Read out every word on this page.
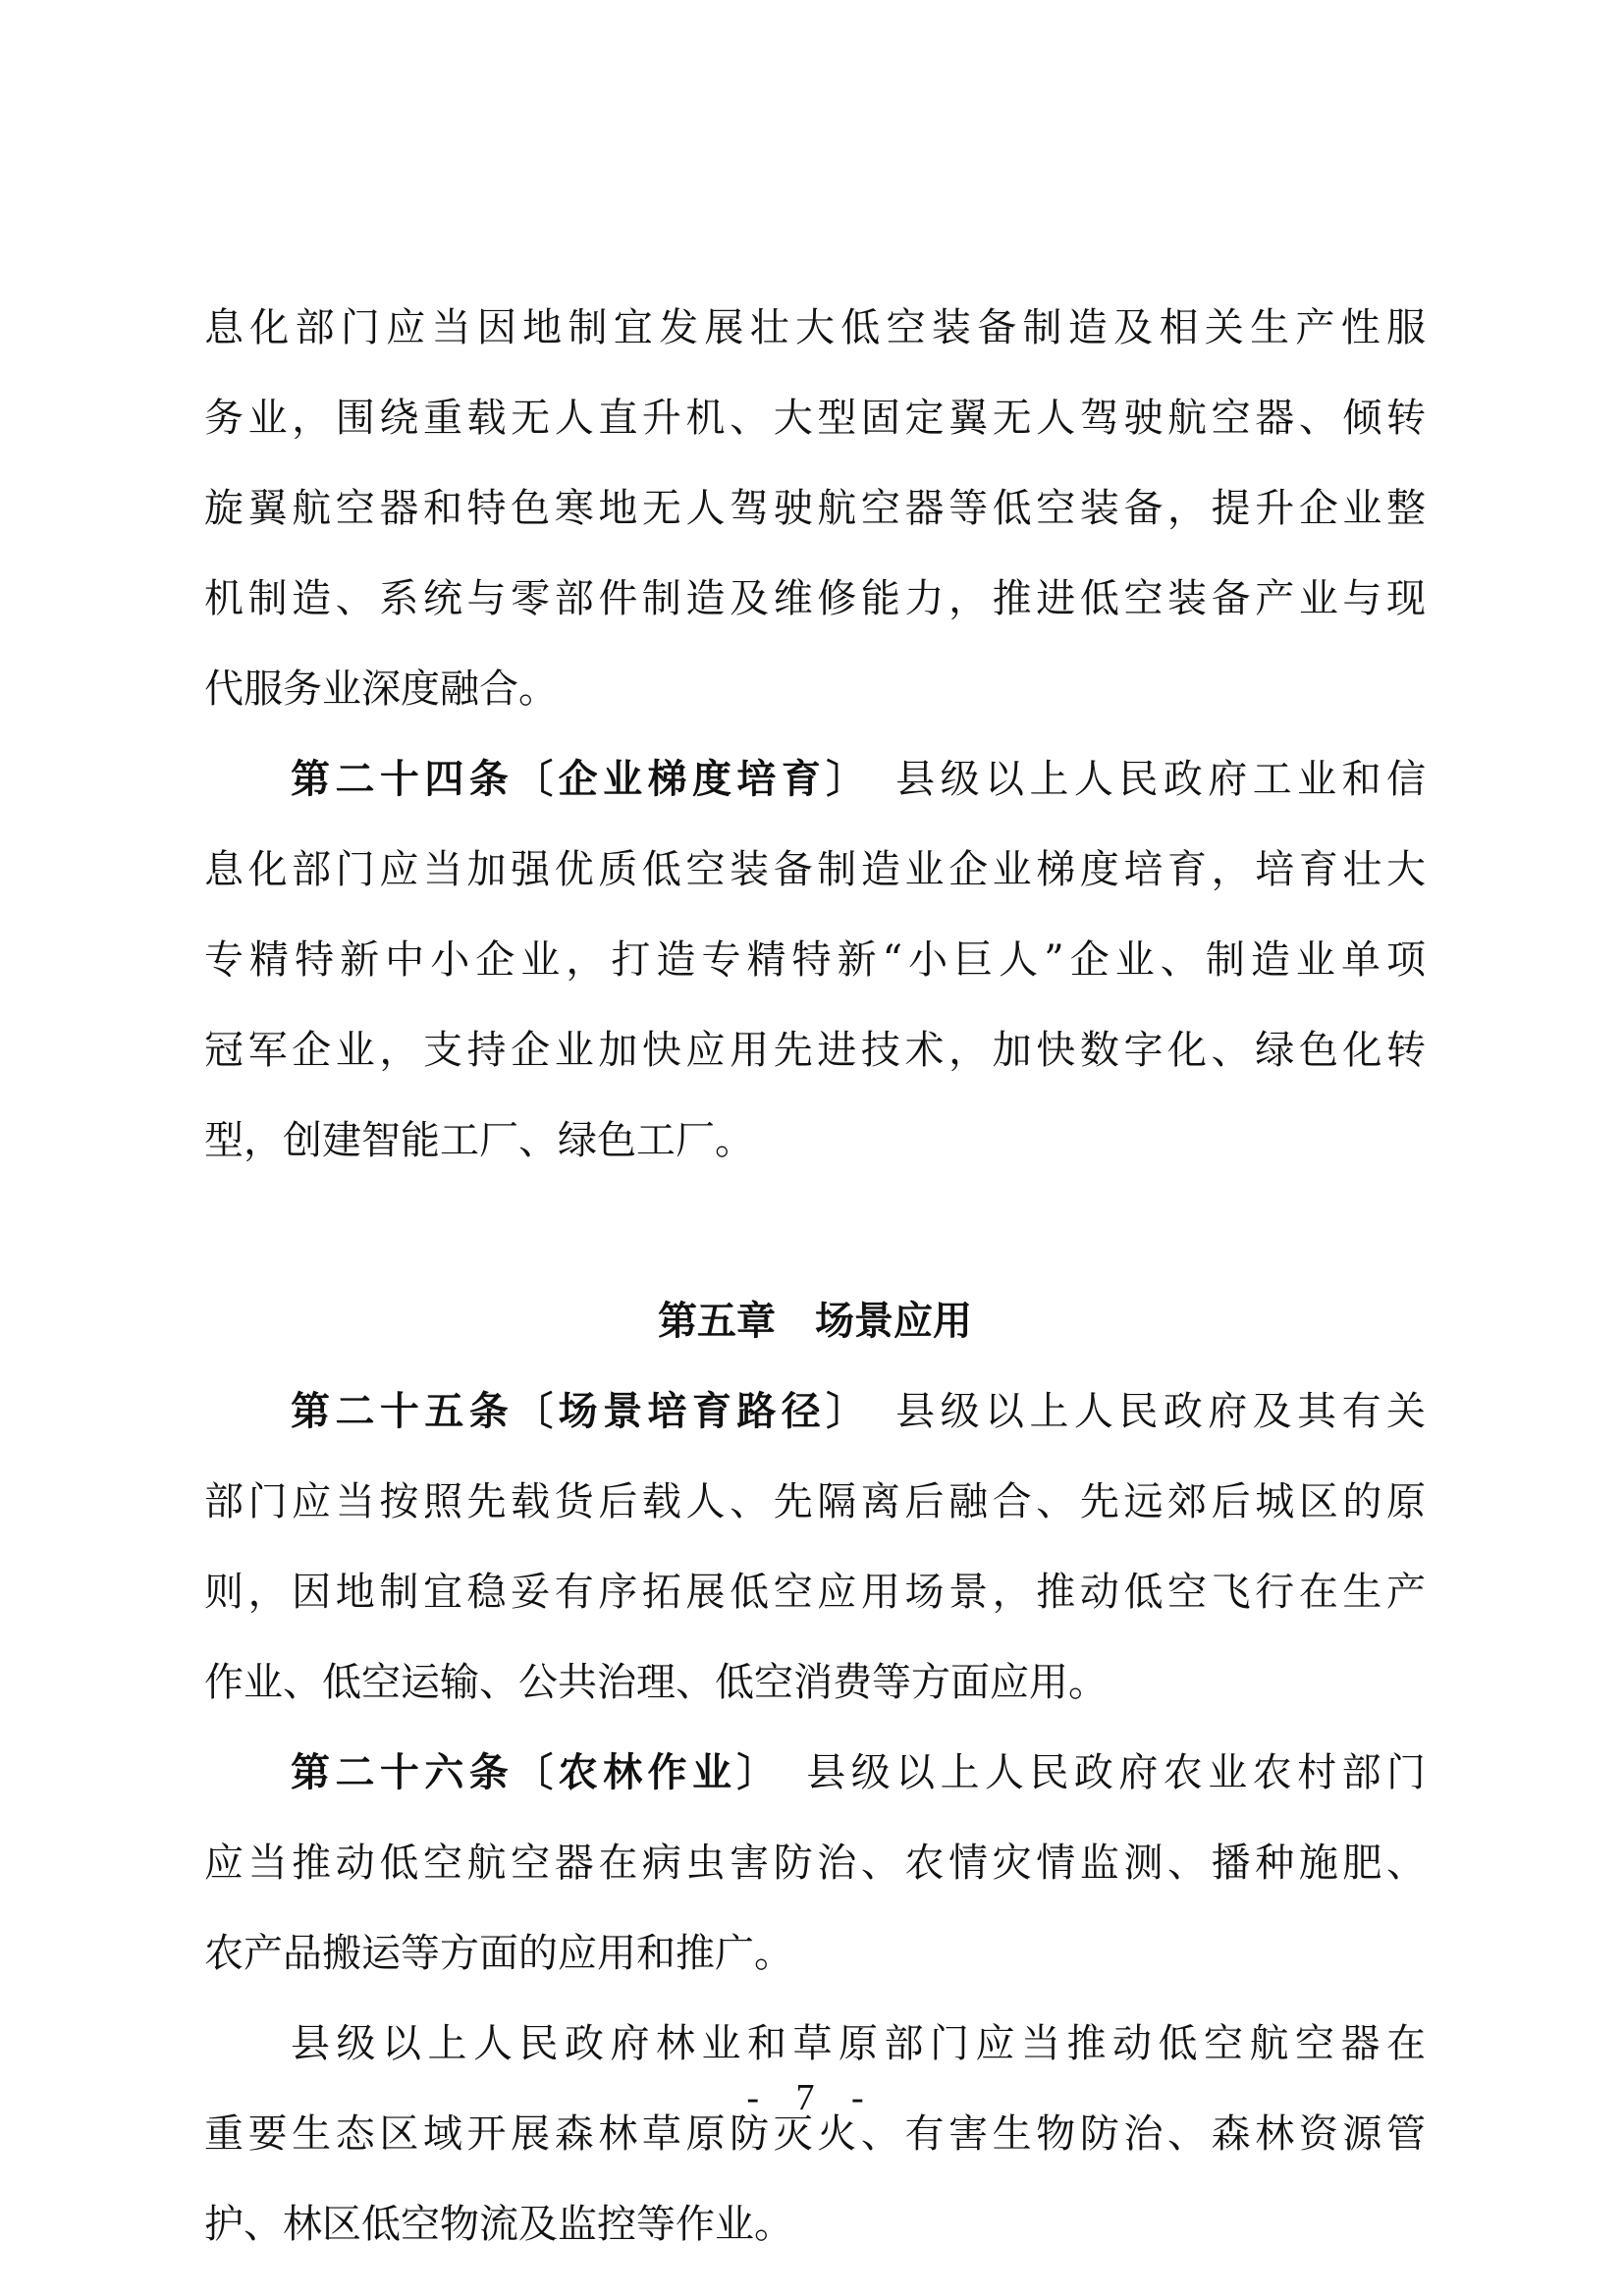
息化部门应当因地制宜发展壮大低空装备制造及相关生产性服
务业，围绕重载无人直升机、大型固定翼无人驾驶航空器、倾转
旋翼航空器和特色寒地无人驾驶航空器等低空装备，提升企业整
机制造、系统与零部件制造及维修能力，推进低空装备产业与现
代服务业深度融合。
第二十四条〔企业梯度培育〕　县级以上人民政府工业和信
息化部门应当加强优质低空装备制造业企业梯度培育，培育壮大
专精特新中小企业，打造专精特新“小巨人”企业、制造业单项
冠军企业，支持企业加快应用先进技术，加快数字化、绿色化转
型，创建智能工厂、绿色工厂。
第五章　场景应用
第二十五条〔场景培育路径〕　县级以上人民政府及其有关
部门应当按照先载货后载人、先隔离后融合、先远郊后城区的原
则，因地制宜稳妥有序拓展低空应用场景，推动低空飞行在生产
作业、低空运输、公共治理、低空消费等方面应用。
第二十六条〔农林作业〕　县级以上人民政府农业农村部门
应当推动低空航空器在病虫害防治、农情灾情监测、播种施肥、
农产品搬运等方面的应用和推广。
县级以上人民政府林业和草原部门应当推动低空航空器在
重要生态区域开展森林草原防灭火、有害生物防治、森林资源管
护、林区低空物流及监控等作业。
- 7 -
